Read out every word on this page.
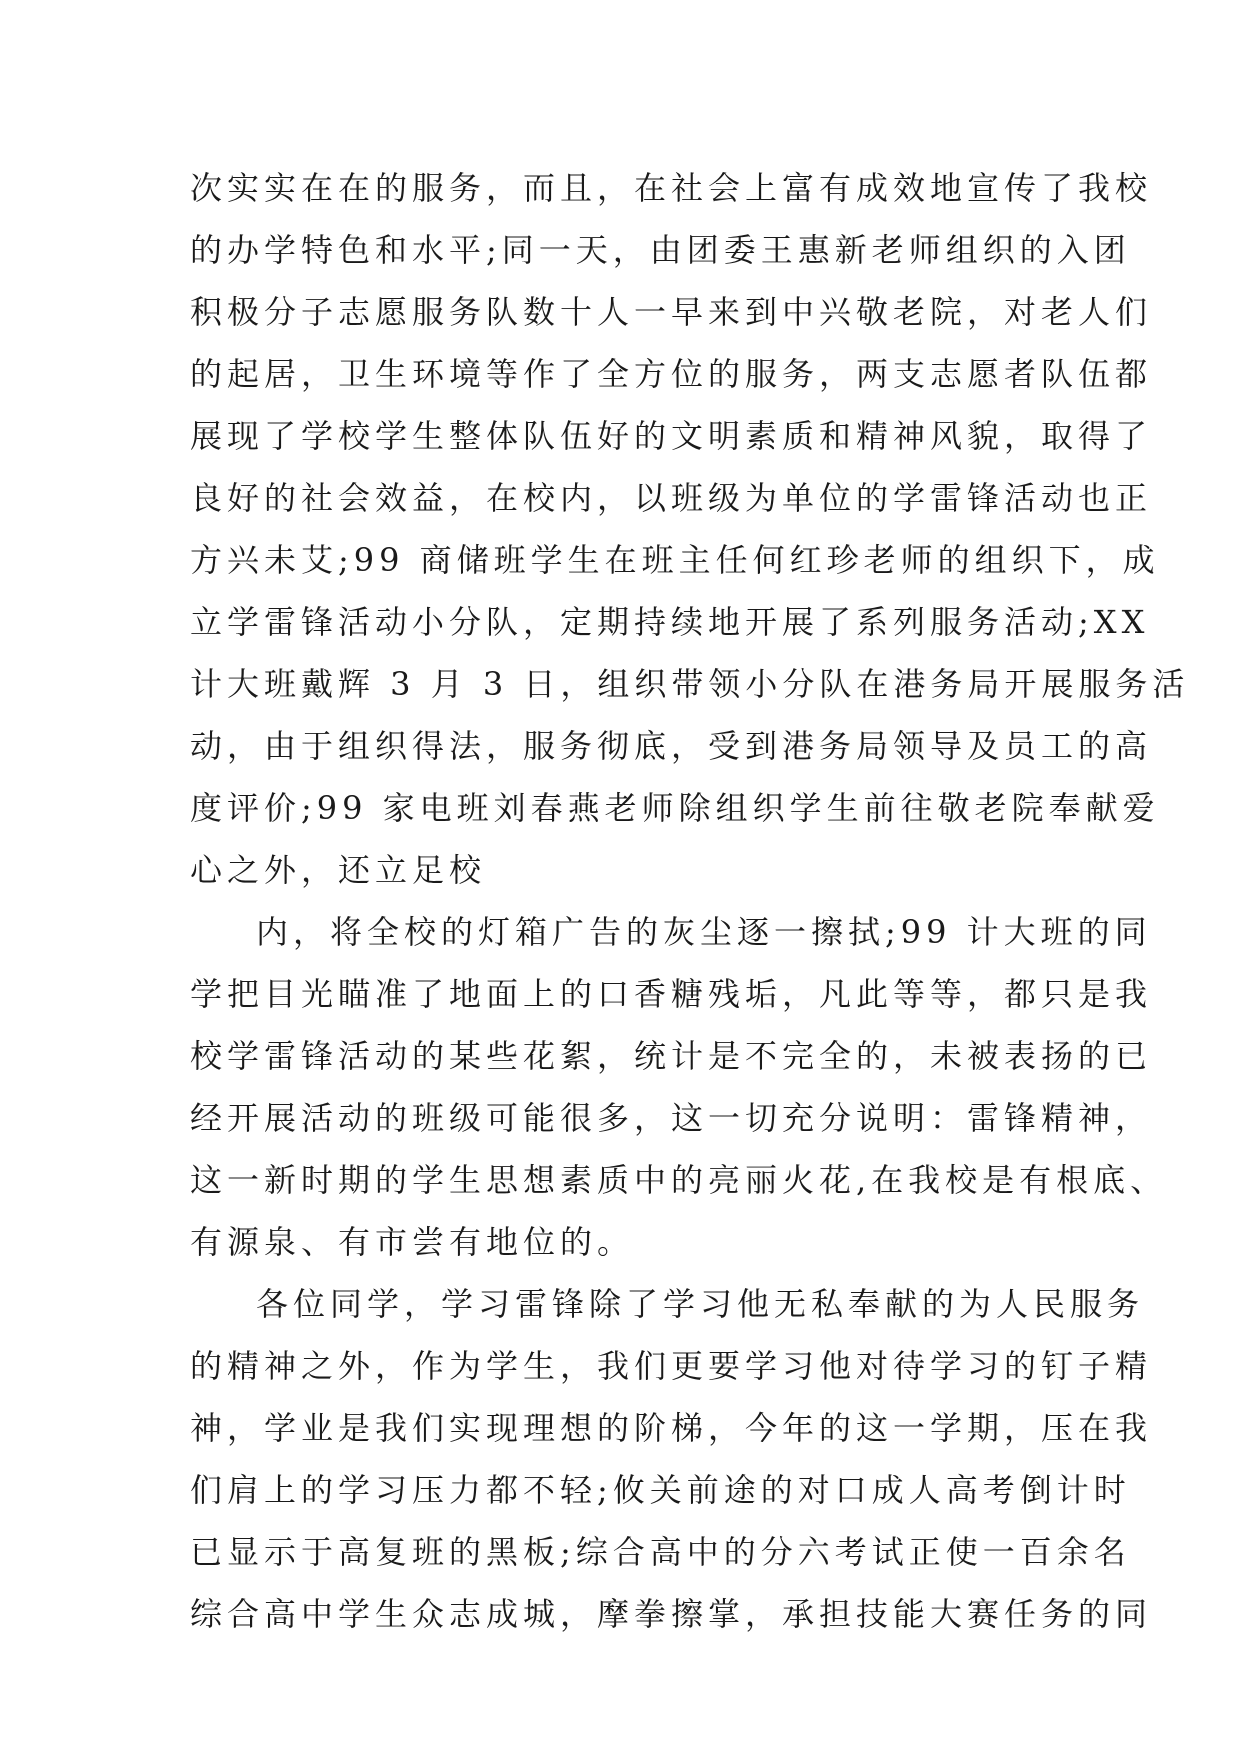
次实实在在的服务，而且，在社会上富有成效地宣传了我校
的办学特色和水平;同一天，由团委王惠新老师组织的入团
积极分子志愿服务队数十人一早来到中兴敬老院，对老人们
的起居，卫生环境等作了全方位的服务，两支志愿者队伍都
展现了学校学生整体队伍好的文明素质和精神风貌，取得了
良好的社会效益，在校内，以班级为单位的学雷锋活动也正
方兴未艾;99 商储班学生在班主任何红珍老师的组织下，成
立学雷锋活动小分队，定期持续地开展了系列服务活动;XX
计大班戴辉 3 月 3 日，组织带领小分队在港务局开展服务活
动，由于组织得法，服务彻底，受到港务局领导及员工的高
度评价;99 家电班刘春燕老师除组织学生前往敬老院奉献爱
心之外，还立足校
内，将全校的灯箱广告的灰尘逐一擦拭;99 计大班的同
学把目光瞄准了地面上的口香糖残垢，凡此等等，都只是我
校学雷锋活动的某些花絮，统计是不完全的，未被表扬的已
经开展活动的班级可能很多，这一切充分说明：雷锋精神，
这一新时期的学生思想素质中的亮丽火花,在我校是有根底、
有源泉、有市尝有地位的。
各位同学，学习雷锋除了学习他无私奉献的为人民服务
的精神之外，作为学生，我们更要学习他对待学习的钉子精
神，学业是我们实现理想的阶梯，今年的这一学期，压在我
们肩上的学习压力都不轻;攸关前途的对口成人高考倒计时
已显示于高复班的黑板;综合高中的分六考试正使一百余名
综合高中学生众志成城，摩拳擦掌，承担技能大赛任务的同
